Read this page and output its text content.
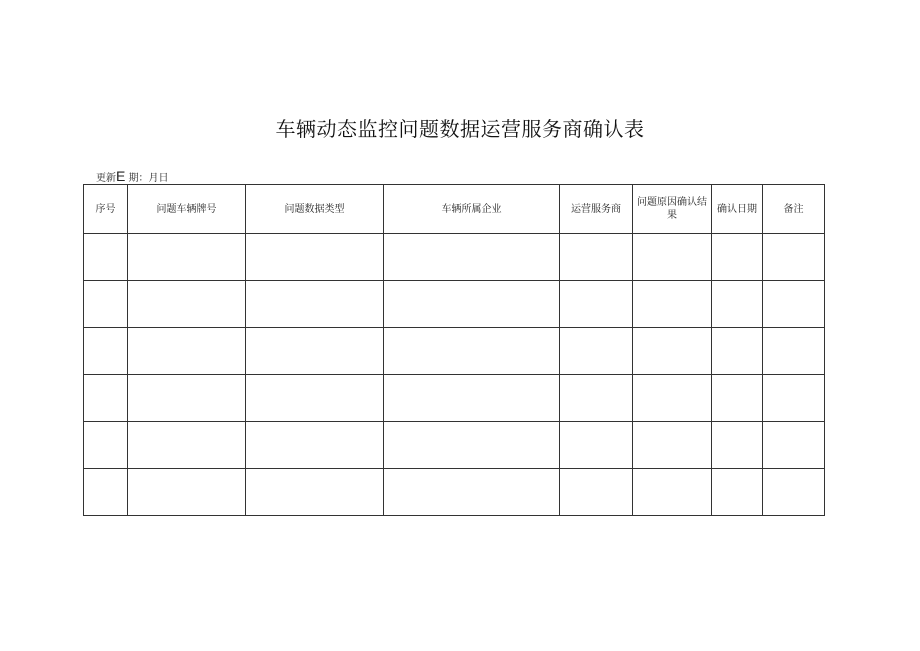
车辆动态监控问题数据运营服务商确认表
更新E 期：月日
序号	问题车辆牌号	问题数据类型	车辆所属企业	运营服务商	问题原因确认结果	确认日期	备注
